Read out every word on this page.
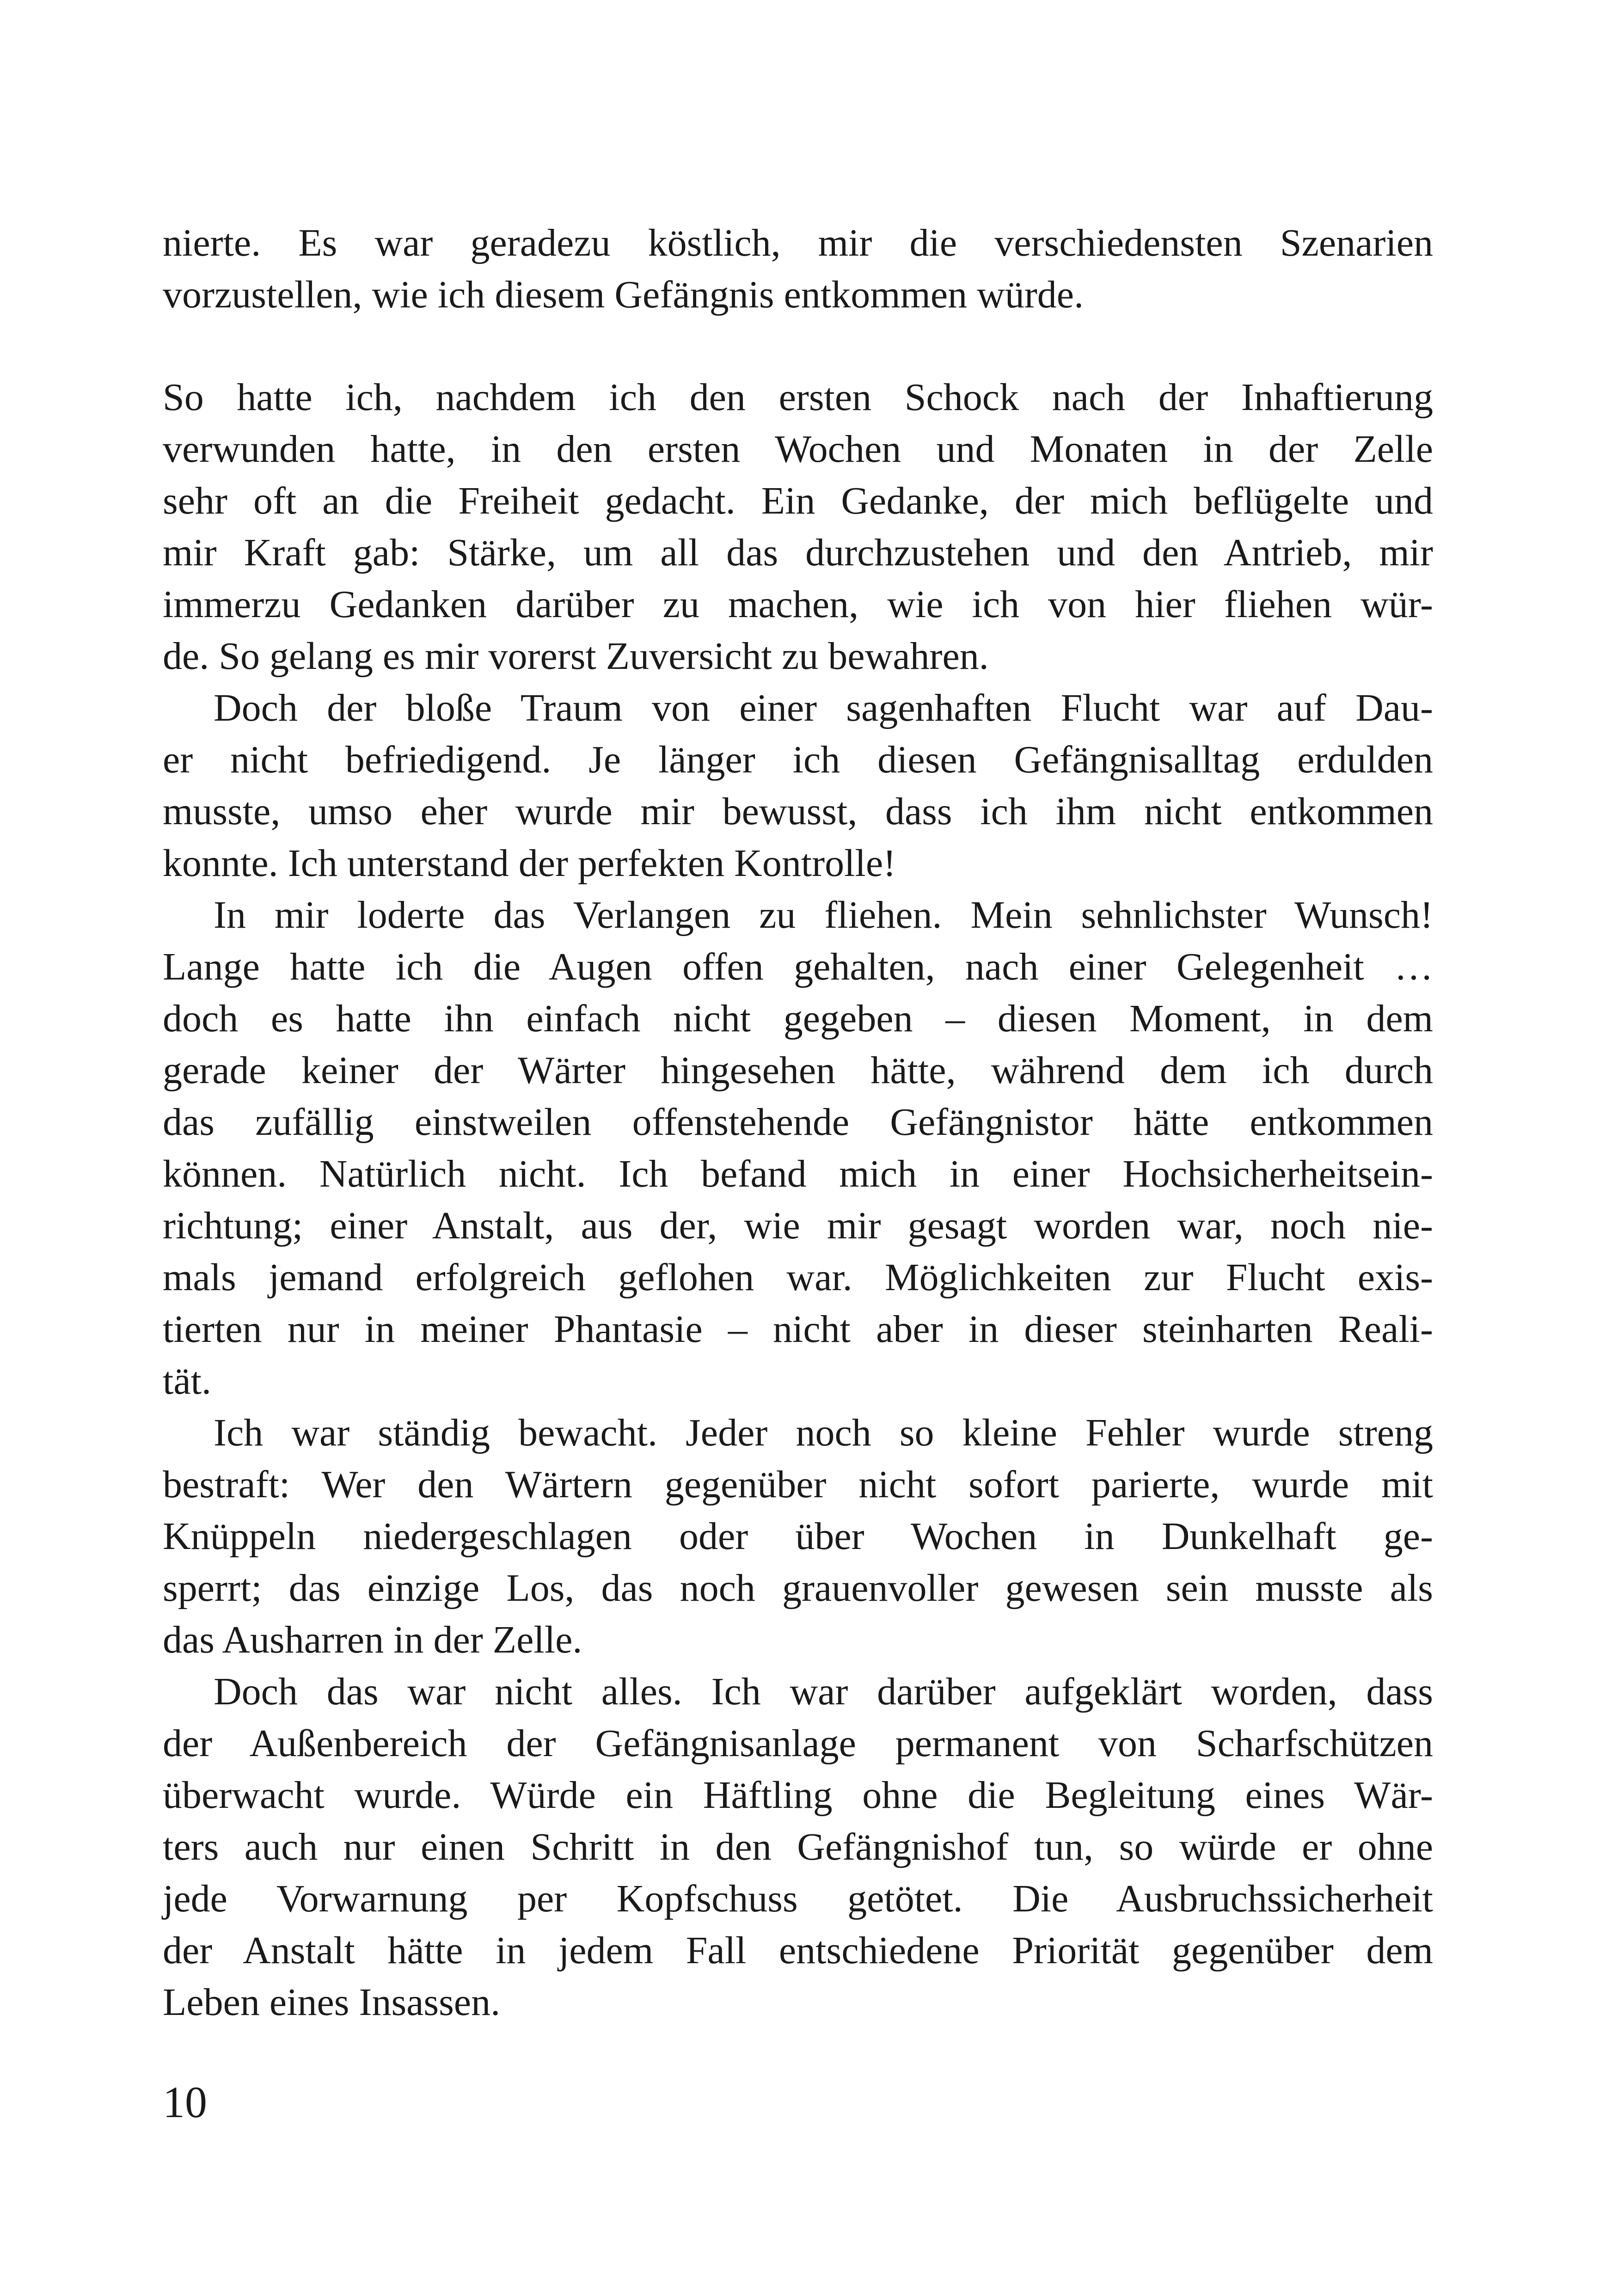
nierte. Es war geradezu köstlich, mir die verschiedensten Szenarien
vorzustellen, wie ich diesem Gefängnis entkommen würde.
So hatte ich, nachdem ich den ersten Schock nach der Inhaftierung
verwunden hatte, in den ersten Wochen und Monaten in der Zelle
sehr oft an die Freiheit gedacht. Ein Gedanke, der mich beflügelte und
mir Kraft gab: Stärke, um all das durchzustehen und den Antrieb, mir
immerzu Gedanken darüber zu machen, wie ich von hier fliehen wür-
de. So gelang es mir vorerst Zuversicht zu bewahren.
Doch der bloße Traum von einer sagenhaften Flucht war auf Dau-
er nicht befriedigend. Je länger ich diesen Gefängnisalltag erdulden
musste, umso eher wurde mir bewusst, dass ich ihm nicht entkommen
konnte. Ich unterstand der perfekten Kontrolle!
In mir loderte das Verlangen zu fliehen. Mein sehnlichster Wunsch!
Lange hatte ich die Augen offen gehalten, nach einer Gelegenheit …
doch es hatte ihn einfach nicht gegeben – diesen Moment, in dem
gerade keiner der Wärter hingesehen hätte, während dem ich durch
das zufällig einstweilen offenstehende Gefängnistor hätte entkommen
können. Natürlich nicht. Ich befand mich in einer Hochsicherheitsein-
richtung; einer Anstalt, aus der, wie mir gesagt worden war, noch nie-
mals jemand erfolgreich geflohen war. Möglichkeiten zur Flucht exis-
tierten nur in meiner Phantasie – nicht aber in dieser steinharten Reali-
tät.
Ich war ständig bewacht. Jeder noch so kleine Fehler wurde streng
bestraft: Wer den Wärtern gegenüber nicht sofort parierte, wurde mit
Knüppeln niedergeschlagen oder über Wochen in Dunkelhaft ge-
sperrt; das einzige Los, das noch grauenvoller gewesen sein musste als
das Ausharren in der Zelle.
Doch das war nicht alles. Ich war darüber aufgeklärt worden, dass
der Außenbereich der Gefängnisanlage permanent von Scharfschützen
überwacht wurde. Würde ein Häftling ohne die Begleitung eines Wär-
ters auch nur einen Schritt in den Gefängnishof tun, so würde er ohne
jede Vorwarnung per Kopfschuss getötet. Die Ausbruchssicherheit
der Anstalt hätte in jedem Fall entschiedene Priorität gegenüber dem
Leben eines Insassen.
10
